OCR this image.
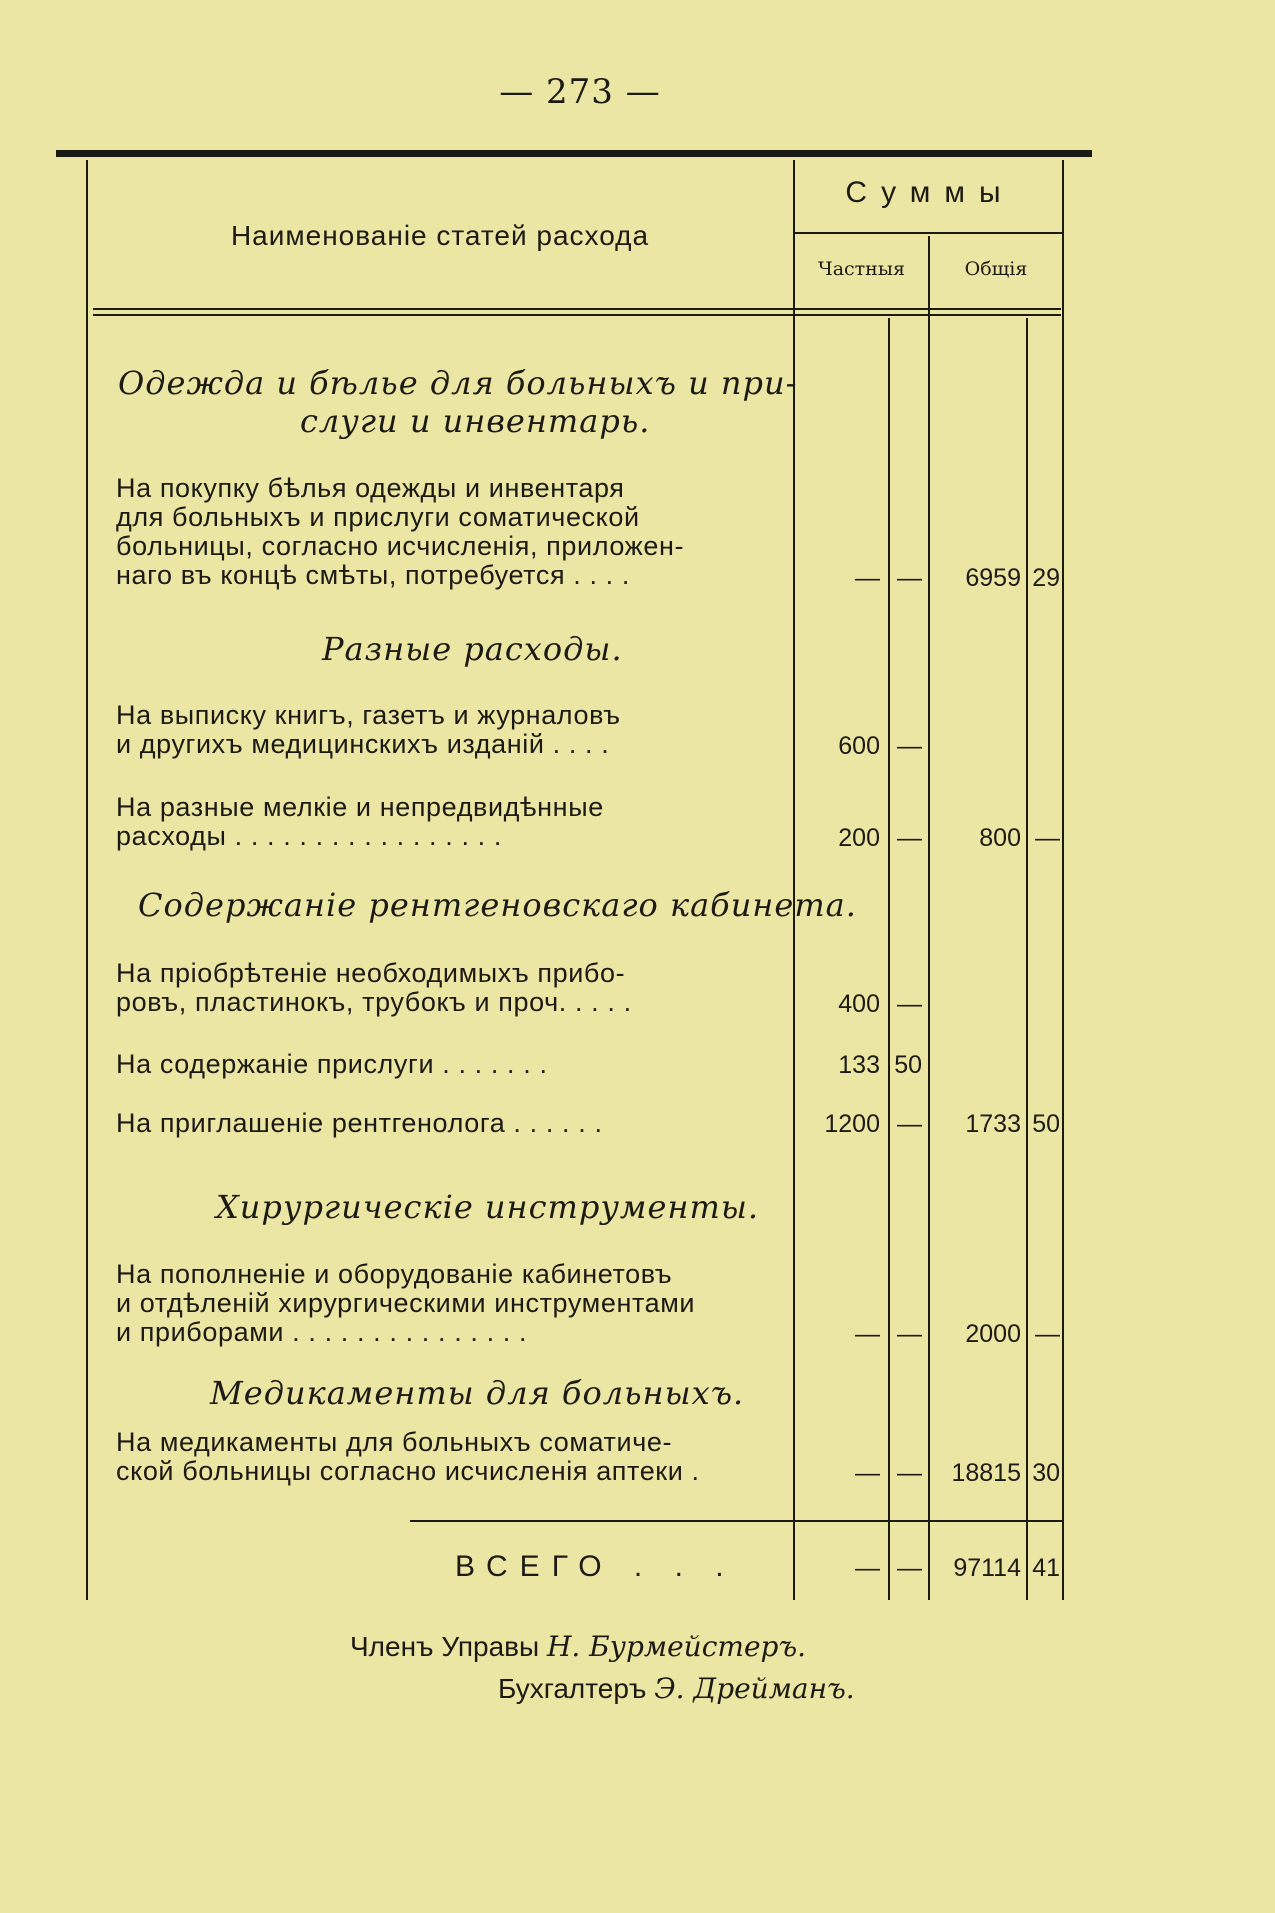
— 273 —
Наименованіе статей расхода
Суммы
Частныя	Общія
Одежда и бѣлье для больныхъ и при-
слуги и инвентарь.
На покупку бѣлья одежды и инвентаря
для больныхъ и прислуги соматической
больницы, согласно исчисленія, приложен-
наго въ концѣ смѣты, потребуется . . . .	— —	6959 29
Разные расходы.
На выписку книгъ, газетъ и журналовъ
и другихъ медицинскихъ изданій . . . .	600 —
На разные мелкіе и непредвидѣнные
расходы . . . . . . . . . . . . . . . . .	200 —	800 —
Содержаніе рентгеновскаго кабинета.
На пріобрѣтеніе необходимыхъ прибо-
ровъ, пластинокъ, трубокъ и проч. . . . .	400 —
На содержаніе прислуги . . . . . . .	133 50
На приглашеніе рентгенолога . . . . . .	1200 —	1733 50
Хирургическіе инструменты.
На пополненіе и оборудованіе кабинетовъ
и отдѣленій хирургическими инструментами
и приборами . . . . . . . . . . . . . . .	— —	2000 —
Медикаменты для больныхъ.
На медикаменты для больныхъ соматиче-
ской больницы согласно исчисленія аптеки .	— —	18815 30
ВСЕГО . . .	— —	97114 41
Членъ Управы Н. Бурмейстеръ.
Бухгалтеръ Э. Дрейманъ.
